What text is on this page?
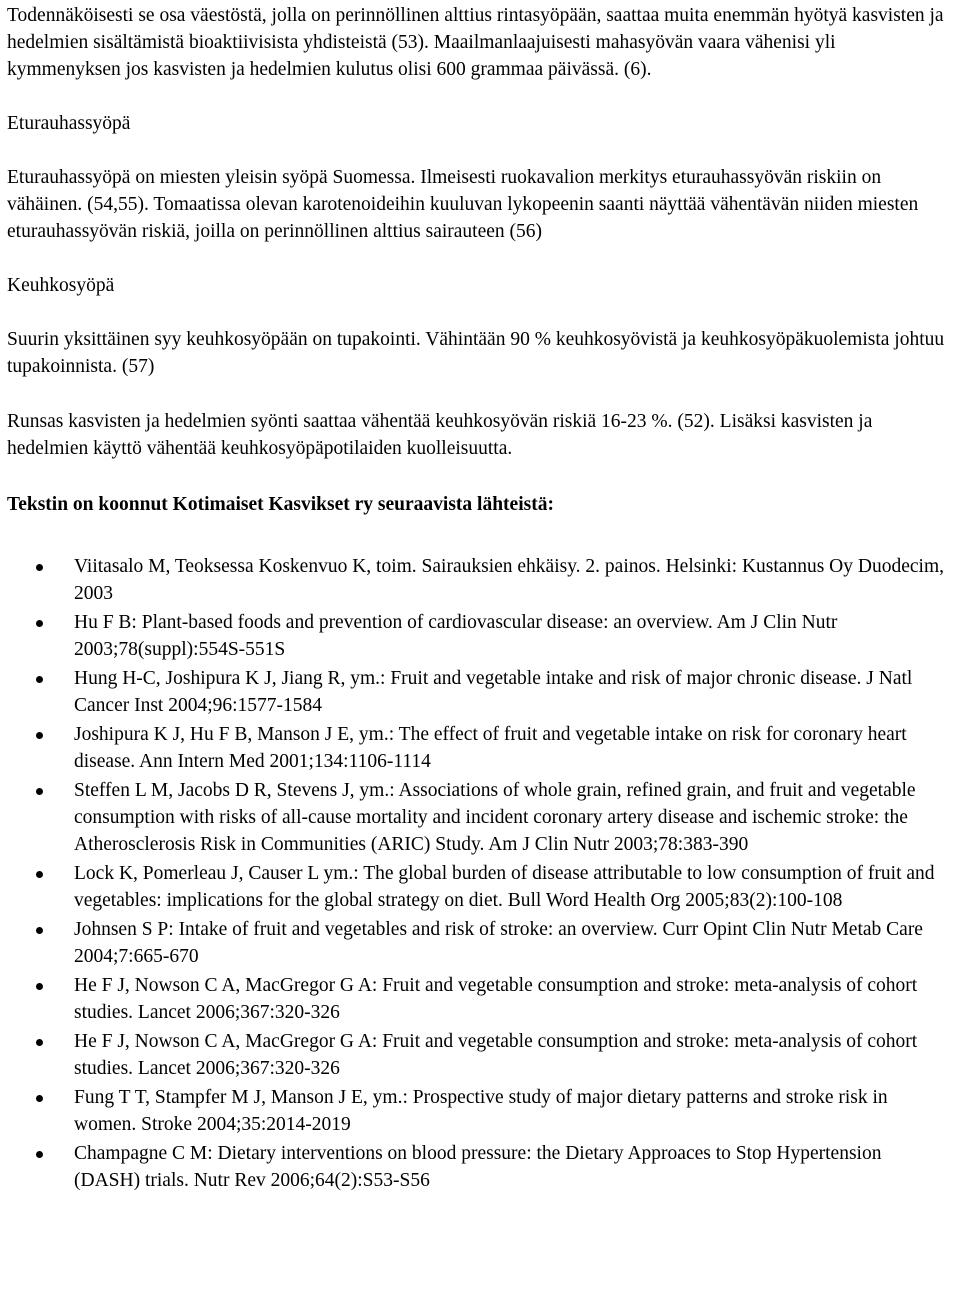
Todennäköisesti se osa väestöstä, jolla on perinnöllinen alttius rintasyöpään, saattaa muita enemmän hyötyä kasvisten ja hedelmien sisältämistä bioaktiivisista yhdisteistä (53). Maailmanlaajuisesti mahasyövän vaara vähenisi yli kymmenyksen jos kasvisten ja hedelmien kulutus olisi 600 grammaa päivässä. (6).

Eturauhassyöpä

Eturauhassyöpä on miesten yleisin syöpä Suomessa. Ilmeisesti ruokavalion merkitys eturauhassyövän riskiin on vähäinen. (54,55). Tomaatissa olevan karotenoideihin kuuluvan lykopeenin saanti näyttää vähentävän niiden miesten eturauhassyövän riskiä, joilla on perinnöllinen alttius sairauteen (56)

Keuhkosyöpä

Suurin yksittäinen syy keuhkosyöpään on tupakointi. Vähintään 90 % keuhkosyövistä ja keuhkosyöpäkuolemista johtuu tupakoinnista. (57)

Runsas kasvisten ja hedelmien syönti saattaa vähentää keuhkosyövän riskiä 16-23 %. (52). Lisäksi kasvisten ja hedelmien käyttö vähentää keuhkosyöpäpotilaiden kuolleisuutta.

Tekstin on koonnut Kotimaiset Kasvikset ry seuraavista lähteistä:

Viitasalo M, Teoksessa Koskenvuo K, toim. Sairauksien ehkäisy. 2. painos. Helsinki: Kustannus Oy Duodecim, 2003
Hu F B: Plant-based foods and prevention of cardiovascular disease: an overview. Am J Clin Nutr 2003;78(suppl):554S-551S
Hung H-C, Joshipura K J, Jiang R, ym.: Fruit and vegetable intake and risk of major chronic disease. J Natl Cancer Inst 2004;96:1577-1584
Joshipura K J, Hu F B, Manson J E, ym.: The effect of fruit and vegetable intake on risk for coronary heart disease. Ann Intern Med 2001;134:1106-1114
Steffen L M, Jacobs D R, Stevens J, ym.: Associations of whole grain, refined grain, and fruit and vegetable consumption with risks of all-cause mortality and incident coronary artery disease and ischemic stroke: the Atherosclerosis Risk in Communities (ARIC) Study. Am J Clin Nutr 2003;78:383-390
Lock K, Pomerleau J, Causer L ym.: The global burden of disease attributable to low consumption of fruit and vegetables: implications for the global strategy on diet. Bull Word Health Org 2005;83(2):100-108
Johnsen S P: Intake of fruit and vegetables and risk of stroke: an overview. Curr Opint Clin Nutr Metab Care 2004;7:665-670
He F J, Nowson C A, MacGregor G A: Fruit and vegetable consumption and stroke: meta-analysis of cohort studies. Lancet 2006;367:320-326
He F J, Nowson C A, MacGregor G A: Fruit and vegetable consumption and stroke: meta-analysis of cohort studies. Lancet 2006;367:320-326
Fung T T, Stampfer M J, Manson J E, ym.: Prospective study of major dietary patterns and stroke risk in women. Stroke 2004;35:2014-2019
Champagne C M: Dietary interventions on blood pressure: the Dietary Approaces to Stop Hypertension (DASH) trials. Nutr Rev 2006;64(2):S53-S56
